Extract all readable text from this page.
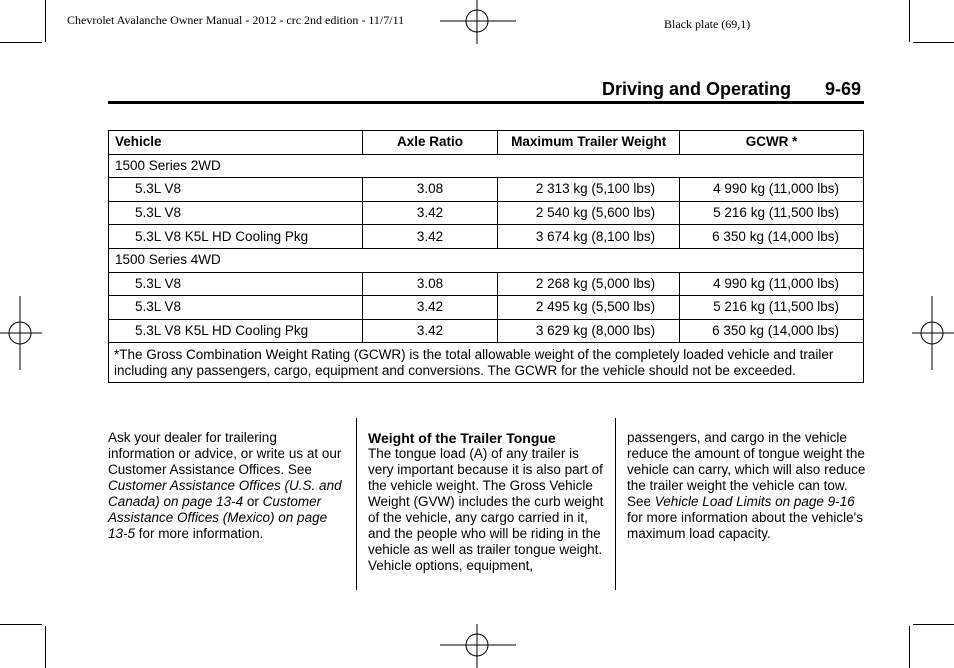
Chevrolet Avalanche Owner Manual - 2012 - crc 2nd edition - 11/7/11	Black plate (69,1)
Driving and Operating 9-69
Vehicle	Axle Ratio	Maximum Trailer Weight	GCWR *
1500 Series 2WD			
5.3L V8	3.08	2 313 kg (5,100 lbs)	4 990 kg (11,000 lbs)
5.3L V8	3.42	2 540 kg (5,600 lbs)	5 216 kg (11,500 lbs)
5.3L V8 K5L HD Cooling Pkg	3.42	3 674 kg (8,100 lbs)	6 350 kg (14,000 lbs)
1500 Series 4WD			
5.3L V8	3.08	2 268 kg (5,000 lbs)	4 990 kg (11,000 lbs)
5.3L V8	3.42	2 495 kg (5,500 lbs)	5 216 kg (11,500 lbs)
5.3L V8 K5L HD Cooling Pkg	3.42	3 629 kg (8,000 lbs)	6 350 kg (14,000 lbs)
*The Gross Combination Weight Rating (GCWR) is the total allowable weight of the completely loaded vehicle and trailer including any passengers, cargo, equipment and conversions. The GCWR for the vehicle should not be exceeded.			

Ask your dealer for trailering information or advice, or write us at our Customer Assistance Offices. See Customer Assistance Offices (U.S. and Canada) on page 13-4 or Customer Assistance Offices (Mexico) on page 13-5 for more information.

Weight of the Trailer Tongue

The tongue load (A) of any trailer is very important because it is also part of the vehicle weight. The Gross Vehicle Weight (GVW) includes the curb weight of the vehicle, any cargo carried in it, and the people who will be riding in the vehicle as well as trailer tongue weight. Vehicle options, equipment,

passengers, and cargo in the vehicle reduce the amount of tongue weight the vehicle can carry, which will also reduce the trailer weight the vehicle can tow. See Vehicle Load Limits on page 9-16 for more information about the vehicle's maximum load capacity.
